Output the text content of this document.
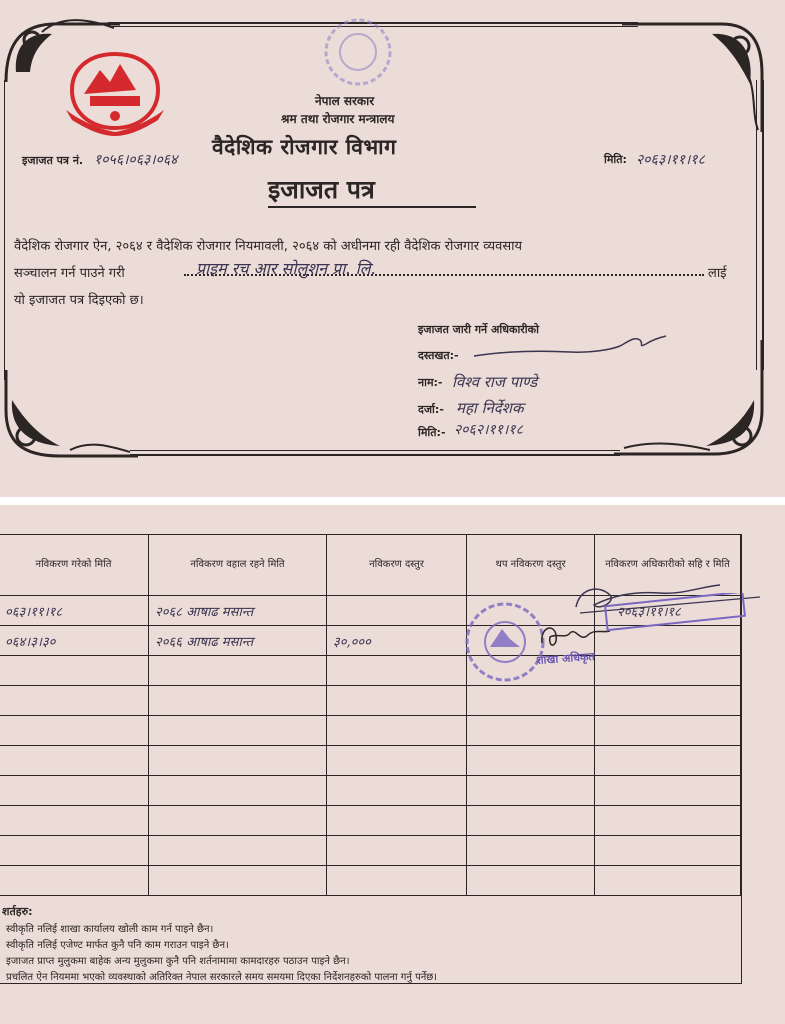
नेपाल सरकार
श्रम तथा रोजगार मन्त्रालय
वैदेशिक रोजगार विभाग
इजाजत पत्र नं. १०५६।०६३।०६४	मिति: २०६३।११।१८
इजाजत पत्र
वैदेशिक रोजगार ऐन, २०६४ र वैदेशिक रोजगार नियमावली, २०६४ को अधीनमा रही वैदेशिक रोजगार व्यवसाय
सञ्चालन गर्न पाउने गरी	प्राइम रच आर सोलुशन प्रा. लि.	लाई
यो इजाजत पत्र दिइएको छ।
इजाजत जारी गर्ने अधिकारीको
दस्तखत:-
नाम:- विश्व राज पाण्डे
दर्जा:- महा निर्देशक
मिति:- २०६२।११।१८
नविकरण गरेको मिति	नविकरण वहाल रहने मिति	नविकरण दस्तुर	थप नविकरण दस्तुर	नविकरण अधिकारीको सहि र मिति
०६३।११।१८	२०६८ आषाढ मसान्त			२०६३।११।१८
०६४।३।३०	२०६६ आषाढ मसान्त	३०,०००		

शाखा अधिकृत
शर्तहरु:
स्वीकृति नलिई शाखा कार्यालय खोली काम गर्न पाइने छैन।
स्वीकृति नलिई एजेण्ट मार्फत कुनै पनि काम गराउन पाइने छैन।
इजाजत प्राप्त मुलुकमा बाहेक अन्य मुलुकमा कुनै पनि शर्तनामामा कामदारहरु पठाउन पाइने छैन।
प्रचलित ऐन नियममा भएको व्यवस्थाको अतिरिक्त नेपाल सरकारले समय समयमा दिएका निर्देशनहरुको पालना गर्नु पर्नेछ।
